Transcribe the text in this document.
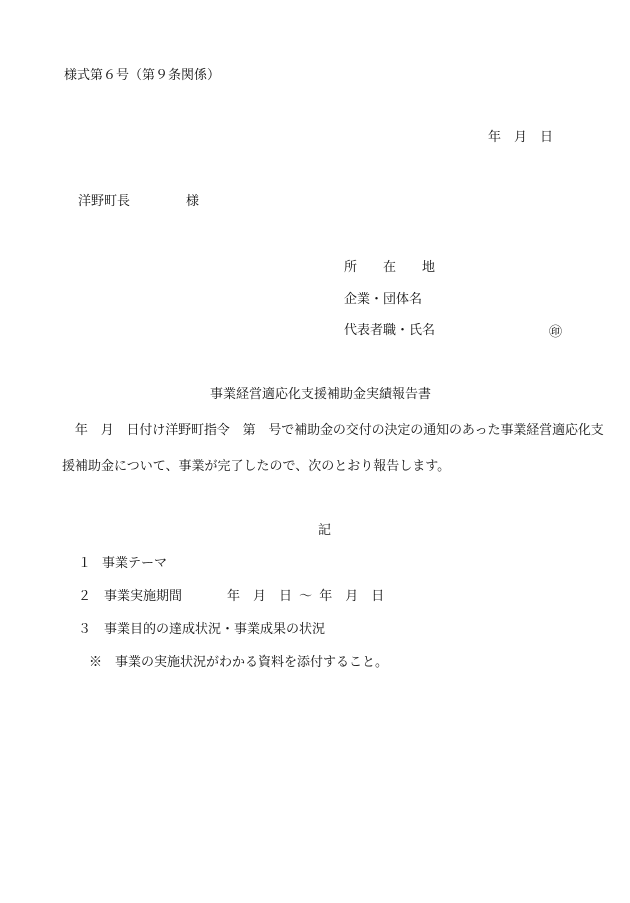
様式第６号（第９条関係）
年　月　日
洋野町長	様
所　　在　　地
企業・団体名
代表者職・氏名	㊞
事業経営適応化支援補助金実績報告書
　年　月　日付け洋野町指令　第　号で補助金の交付の決定の通知のあった事業経営適応化支
援補助金について、事業が完了したので、次のとおり報告します。
記
１ 事業テーマ
２ 事業実施期間	年　月　日 〜 年　月　日
３ 事業目的の達成状況・事業成果の状況
※　事業の実施状況がわかる資料を添付すること。
